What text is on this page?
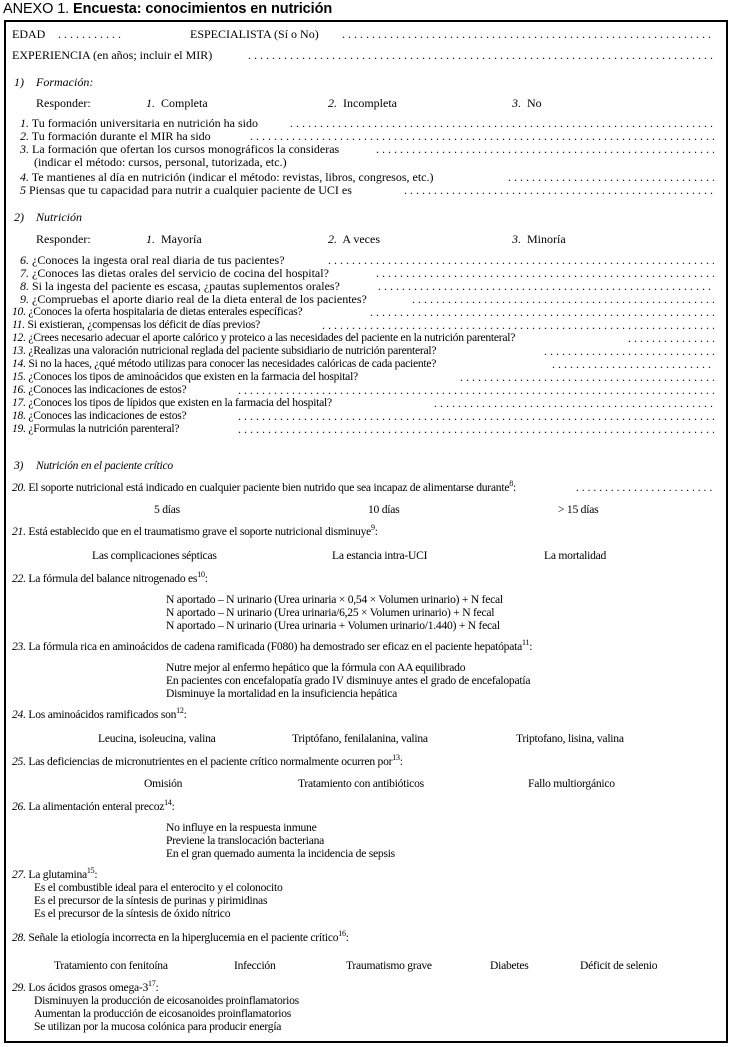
ANEXO 1. Encuesta: conocimientos en nutrición
EDAD . . .	ESPECIALISTA (Sí o No)
. . .
EXPERIENCIA (en años; incluir el MIR)
. . .
1) Formación:
Responder:	1. Completa	2. Incompleta	3. No
1. Tu formación universitaria en nutrición ha sido
. . .
2. Tu formación durante el MIR ha sido
. . .
3. La formación que ofertan los cursos monográficos la consideras
. . .
(indicar el método: cursos, personal, tutorizada, etc.)
4. Te mantienes al día en nutrición (indicar el método: revistas, libros, congresos, etc.)
. . .
5 Piensas que tu capacidad para nutrir a cualquier paciente de UCI es
. . .
2) Nutrición
Responder:	1. Mayoría	2. A veces	3. Minoría
6. ¿Conoces la ingesta oral real diaria de tus pacientes?
. . .
7. ¿Conoces las dietas orales del servicio de cocina del hospital?
. . .
8. Si la ingesta del paciente es escasa, ¿pautas suplementos orales?
. . .
9. ¿Compruebas el aporte diario real de la dieta enteral de los pacientes?
. . .
10. ¿Conoces la oferta hospitalaria de dietas enterales específicas?
. . .
11. Si existieran, ¿compensas los déficit de días previos?
. . .
12. ¿Crees necesario adecuar el aporte calórico y proteico a las necesidades del paciente en la nutrición parenteral?
. . .
13. ¿Realizas una valoración nutricional reglada del paciente subsidiario de nutrición parenteral?
. . .
14. Si no la haces, ¿qué método utilizas para conocer las necesidades calóricas de cada paciente?
. . .
15. ¿Conoces los tipos de aminoácidos que existen en la farmacia del hospital?
. . .
16. ¿Conoces las indicaciones de estos?
. . .
17. ¿Conoces los tipos de lípidos que existen en la farmacia del hospital?
. . .
18. ¿Conoces las indicaciones de estos?
. . .
19. ¿Formulas la nutrición parenteral?
. . .
3) Nutrición en el paciente crítico
20. El soporte nutricional está indicado en cualquier paciente bien nutrido que sea incapaz de alimentarse durante$^8$:
. . .
5 días	10 días	> 15 días
21. Está establecido que en el traumatismo grave el soporte nutricional disminuye$^9$:
Las complicaciones sépticas	La estancia intra-UCI	La mortalidad
22. La fórmula del balance nitrogenado $es^{10}$:
N aportado – N urinario (Urea urinaria × 0,54 × Volumen urinario) + N fecal
N aportado – N urinario (Urea urinaria/6,25 × Volumen urinario) + N fecal
N aportado – N urinario (Urea urinaria + Volumen urinario/1.440) + N fecal
23. La fórmula rica en aminoácidos de cadena ramificada (F080) ha demostrado ser eficaz en el paciente hepatópata$^{11}$:
Nutre mejor al enfermo hepático que la fórmula con AA equilibrado
En pacientes con encefalopatía grado IV disminuye antes el grado de encefalopatía
Disminuye la mortalidad en la insuficiencia hepática
24. Los aminoácidos ramificados son$^{12}$:
Leucina, isoleucina, valina	Triptófano, fenilalanina, valina	Triptofano, lisina, valina
25. Las deficiencias de micronutrientes en el paciente crítico normalmente ocurren por$^{13}$:
Omisión	Tratamiento con antibióticos	Fallo multiorgánico
26. La alimentación enteral precoz$^{14}$:
No influye en la respuesta inmune
Previene la translocación bacteriana
En el gran quemado aumenta la incidencia de sepsis
27. La glutamina$^{15}$:
Es el combustible ideal para el enterocito y el colonocito
Es el precursor de la síntesis de purinas y pirimidinas
Es el precursor de la síntesis de óxido nítrico
28. Señale la etiología incorrecta en la hiperglucemia en el paciente crítico$^{16}$:
Tratamiento con fenitoína	Infección	Traumatismo grave	Diabetes	Déficit de selenio
29. Los ácidos grasos omega-$3^{17}$:
Disminuyen la producción de eicosanoides proinflamatorios
Aumentan la producción de eicosanoides proinflamatorios
Se utilizan por la mucosa colónica para producir energía
